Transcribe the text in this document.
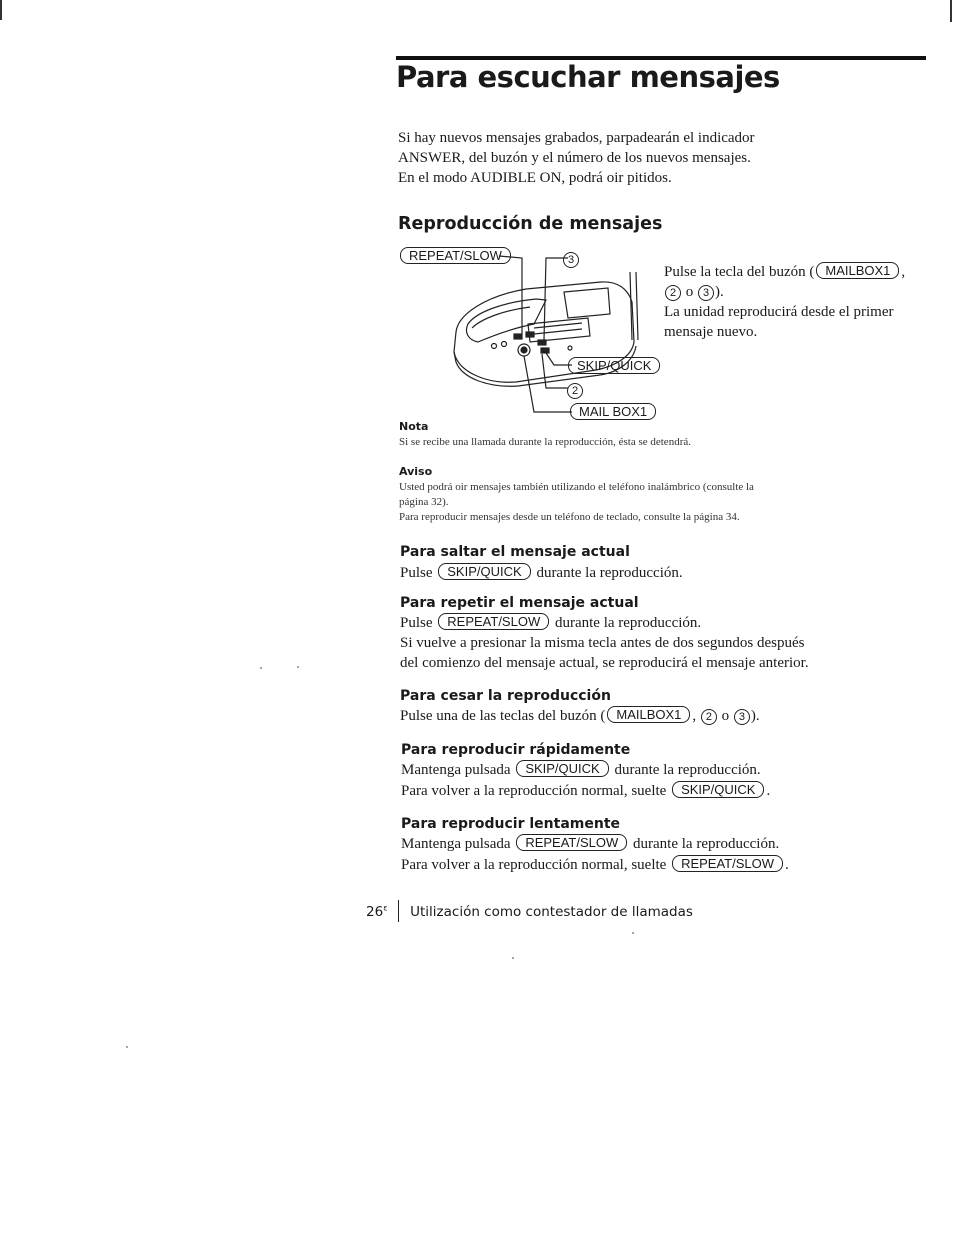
Para escuchar mensajes
Si hay nuevos mensajes grabados, parpadearán el indicador
ANSWER, del buzón y el número de los nuevos mensajes.
En el modo AUDIBLE ON, podrá oir pitidos.
Reproducción de mensajes
REPEAT/SLOW	3
SKIP/QUICK
2
MAIL BOX1
Pulse la tecla del buzón ( MAILBOX1 ,
2 o 3 ).
La unidad reproducirá desde el primer
mensaje nuevo.
Nota
Si se recibe una llamada durante la reproducción, ésta se detendrá.
Aviso
Usted podrá oir mensajes también utilizando el teléfono inalámbrico (consulte la
página 32).
Para reproducir mensajes desde un teléfono de teclado, consulte la página 34.
Para saltar el mensaje actual
Pulse SKIP/QUICK durante la reproducción.
Para repetir el mensaje actual
Pulse REPEAT/SLOW durante la reproducción.
Si vuelve a presionar la misma tecla antes de dos segundos después
del comienzo del mensaje actual, se reproducirá el mensaje anterior.
Para cesar la reproducción
Pulse una de las teclas del buzón ( MAILBOX1 , 2 o 3 ).
Para reproducir rápidamente
Mantenga pulsada SKIP/QUICK durante la reproducción.
Para volver a la reproducción normal, suelte SKIP/QUICK .
Para reproducir lentamente
Mantenga pulsada REPEAT/SLOW durante la reproducción.
Para volver a la reproducción normal, suelte REPEAT/SLOW .
$26^\varepsilon$ Utilización como contestador de llamadas
